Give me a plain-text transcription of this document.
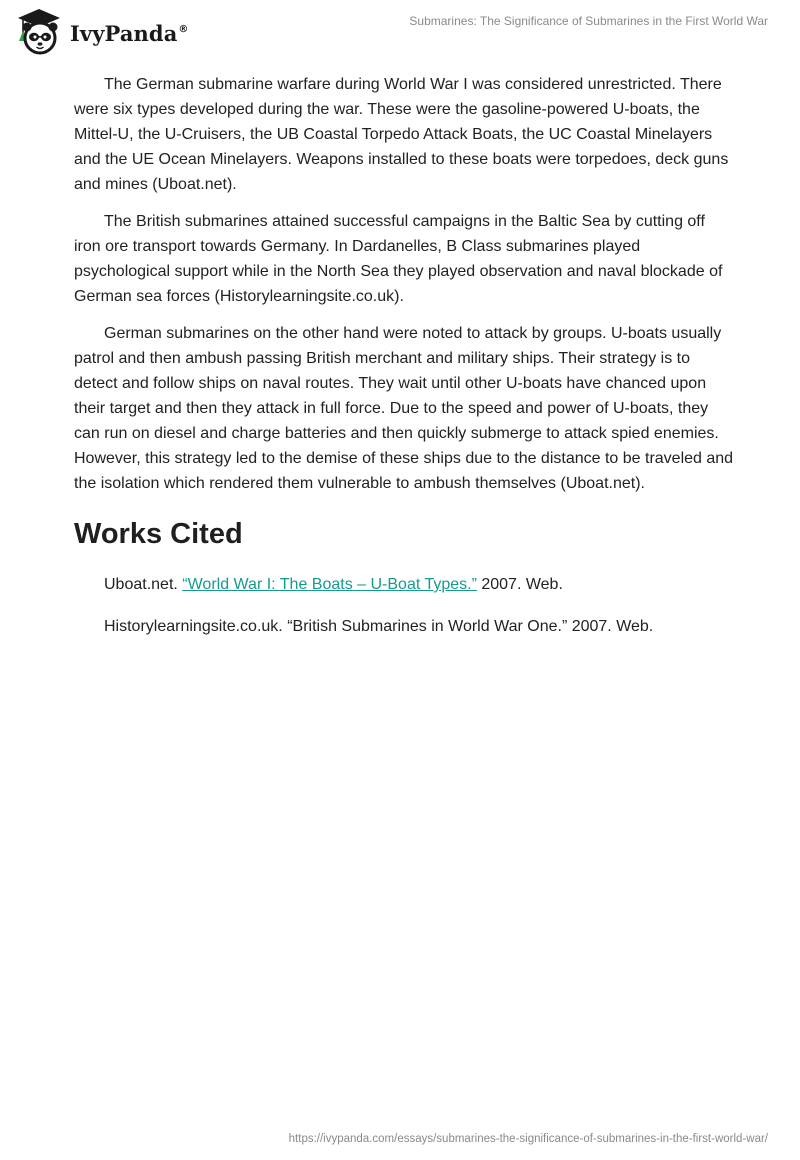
IvyPanda®
Submarines: The Significance of Submarines in the First World War

The German submarine warfare during World War I was considered unrestricted. There were six types developed during the war. These were the gasoline-powered U-boats, the Mittel-U, the U-Cruisers, the UB Coastal Torpedo Attack Boats, the UC Coastal Minelayers and the UE Ocean Minelayers. Weapons installed to these boats were torpedoes, deck guns and mines (Uboat.net).

The British submarines attained successful campaigns in the Baltic Sea by cutting off iron ore transport towards Germany. In Dardanelles, B Class submarines played psychological support while in the North Sea they played observation and naval blockade of German sea forces (Historylearningsite.co.uk).

German submarines on the other hand were noted to attack by groups. U-boats usually patrol and then ambush passing British merchant and military ships. Their strategy is to detect and follow ships on naval routes. They wait until other U-boats have chanced upon their target and then they attack in full force. Due to the speed and power of U-boats, they can run on diesel and charge batteries and then quickly submerge to attack spied enemies. However, this strategy led to the demise of these ships due to the distance to be traveled and the isolation which rendered them vulnerable to ambush themselves (Uboat.net).

Works Cited

Uboat.net. “World War I: The Boats – U-Boat Types.” 2007. Web.

Historylearningsite.co.uk. “British Submarines in World War One.” 2007. Web.

https://ivypanda.com/essays/submarines-the-significance-of-submarines-in-the-first-world-war/
